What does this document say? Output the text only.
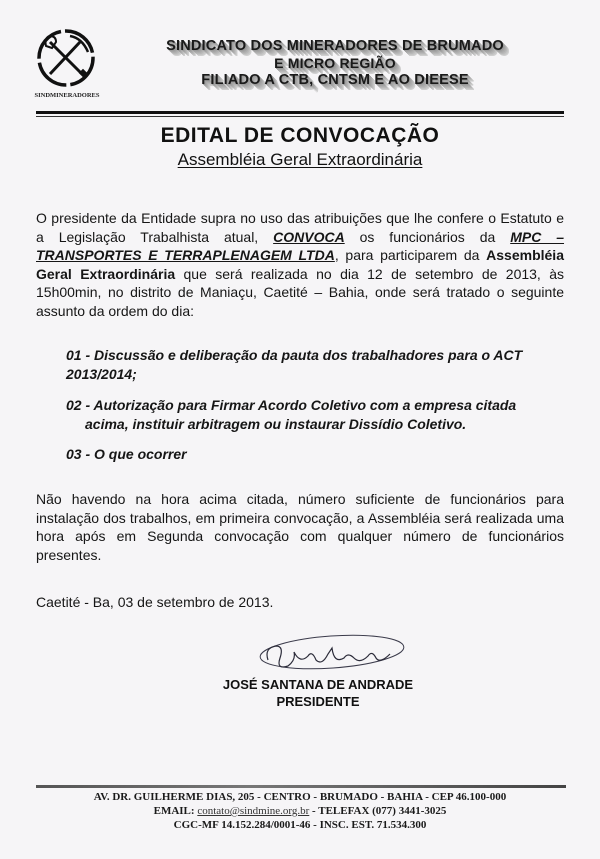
SINDMINERADORES
SINDICATO DOS MINERADORES DE BRUMADO
E MICRO REGIÃO
FILIADO A CTB, CNTSM E AO DIEESE
EDITAL DE CONVOCAÇÃO
Assembléia Geral Extraordinária
O presidente da Entidade supra no uso das atribuições que lhe confere o Estatuto e a Legislação Trabalhista atual, CONVOCA os funcionários da MPC – TRANSPORTES E TERRAPLENAGEM LTDA, para participarem da Assembléia Geral Extraordinária que será realizada no dia 12 de setembro de 2013, às 15h00min, no distrito de Maniaçu, Caetité – Bahia, onde será tratado o seguinte assunto da ordem do dia:
01 - Discussão e deliberação da pauta dos trabalhadores para o ACT
2013/2014;
02 - Autorização para Firmar Acordo Coletivo com a empresa citada
acima, instituir arbitragem ou instaurar Dissídio Coletivo.
03 - O que ocorrer
Não havendo na hora acima citada, número suficiente de funcionários para instalação dos trabalhos, em primeira convocação, a Assembléia será realizada uma hora após em Segunda convocação com qualquer número de funcionários presentes.
Caetité - Ba, 03 de setembro de 2013.
JOSÉ SANTANA DE ANDRADE
PRESIDENTE
AV. DR. GUILHERME DIAS, 205 - CENTRO - BRUMADO - BAHIA - CEP 46.100-000
EMAIL: contato@sindmine.org.br - TELEFAX (077) 3441-3025
CGC-MF 14.152.284/0001-46 - INSC. EST. 71.534.300
